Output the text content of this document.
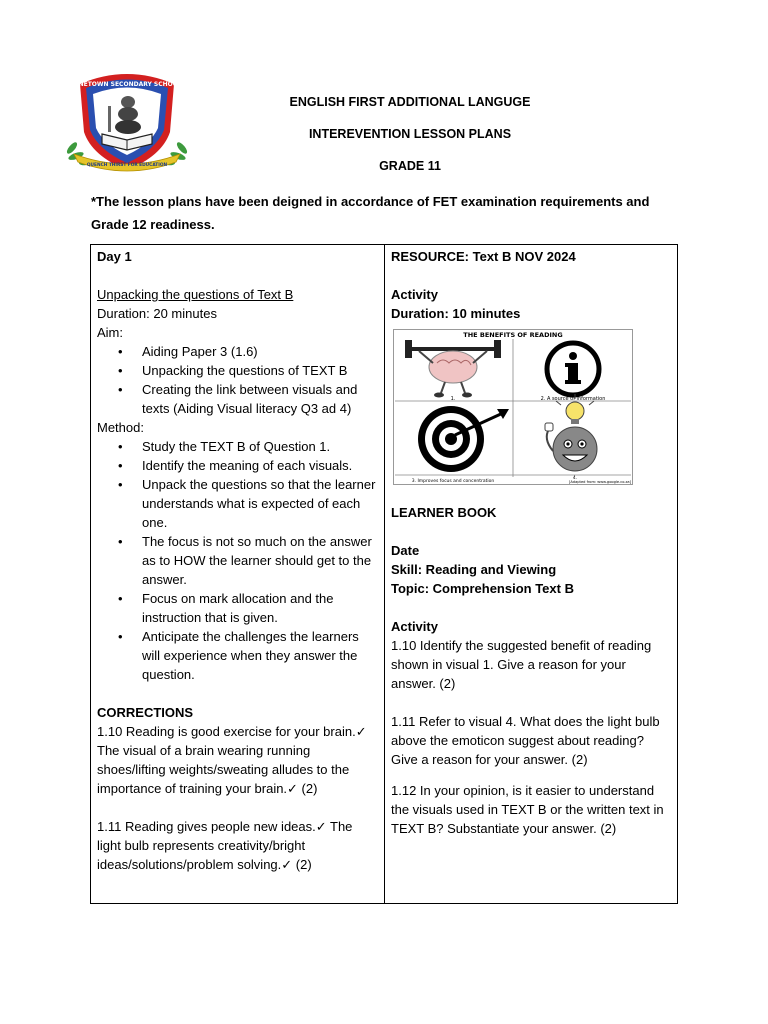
FINETOWN SECONDARY SCHOOL
QUENCH THIRST FOR EDUCATION
ENGLISH FIRST ADDITIONAL LANGUGE
INTEREVENTION LESSON PLANS
GRADE 11
*The lesson plans have been deigned in accordance of FET examination requirements and Grade 12 readiness.
Day 1
Unpacking the questions of Text B
Duration: 20 minutes
Aim:
• Aiding Paper 3 (1.6)
• Unpacking the questions of TEXT B
• Creating the link between visuals and texts (Aiding Visual literacy Q3 ad 4)
Method:
• Study the TEXT B of Question 1.
• Identify the meaning of each visuals.
• Unpack the questions so that the learner understands what is expected of each one.
• The focus is not so much on the answer as to HOW the learner should get to the answer.
• Focus on mark allocation and the instruction that is given.
• Anticipate the challenges the learners will experience when they answer the question.
CORRECTIONS
1.10 Reading is good exercise for your brain.✓ The visual of a brain wearing running shoes/lifting weights/sweating alludes to the importance of training your brain.✓ (2)
1.11 Reading gives people new ideas.✓ The light bulb represents creativity/bright ideas/solutions/problem solving.✓ (2)
RESOURCE: Text B NOV 2024
Activity
Duration: 10 minutes
THE BENEFITS OF READING
1.	2. A source of information
3. Improves focus and concentration
4.
[Adapted from: www.google.co.za]
LEARNER BOOK
Date
Skill: Reading and Viewing
Topic: Comprehension Text B
Activity
1.10 Identify the suggested benefit of reading shown in visual 1. Give a reason for your answer. (2)
1.11 Refer to visual 4. What does the light bulb above the emoticon suggest about reading? Give a reason for your answer. (2)
1.12 In your opinion, is it easier to understand the visuals used in TEXT B or the written text in TEXT B? Substantiate your answer. (2)
